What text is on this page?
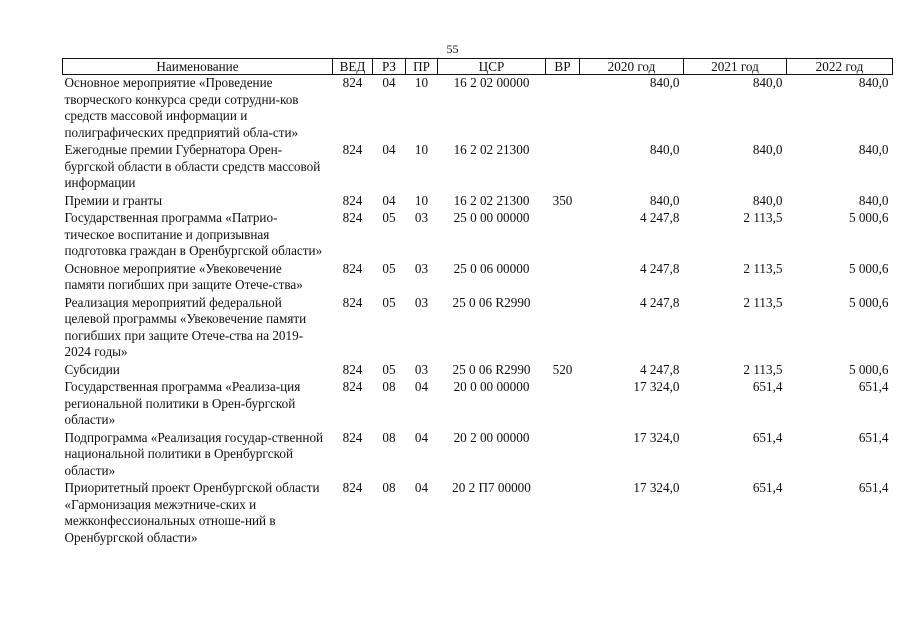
55
Наименование	ВЕД	РЗ	ПР	ЦСР	ВР	2020 год	2021 год	2022 год
Основное мероприятие «Проведение творческого конкурса среди сотрудни-ков средств массовой информации и полиграфических предприятий обла-сти»	824	04	10	16 2 02 00000		840,0	840,0	840,0
Ежегодные премии Губернатора Орен-бургской области в области средств массовой информации	824	04	10	16 2 02 21300		840,0	840,0	840,0
Премии и гранты	824	04	10	16 2 02 21300	350	840,0	840,0	840,0
Государственная программа «Патрио-тическое воспитание и допризывная подготовка граждан в Оренбургской области»	824	05	03	25 0 00 00000		4 247,8	2 113,5	5 000,6
Основное мероприятие «Увековечение памяти погибших при защите Отече-ства»	824	05	03	25 0 06 00000		4 247,8	2 113,5	5 000,6
Реализация мероприятий федеральной целевой программы «Увековечение памяти погибших при защите Отече-ства на 2019-2024 годы»	824	05	03	25 0 06 R2990		4 247,8	2 113,5	5 000,6
Субсидии	824	05	03	25 0 06 R2990	520	4 247,8	2 113,5	5 000,6
Государственная программа «Реализа-ция региональной политики в Орен-бургской области»	824	08	04	20 0 00 00000		17 324,0	651,4	651,4
Подпрограмма «Реализация государ-ственной национальной политики в Оренбургской области»	824	08	04	20 2 00 00000		17 324,0	651,4	651,4
Приоритетный проект Оренбургской области «Гармонизация межэтниче-ских и межконфессиональных отноше-ний в Оренбургской области»	824	08	04	20 2 П7 00000		17 324,0	651,4	651,4
